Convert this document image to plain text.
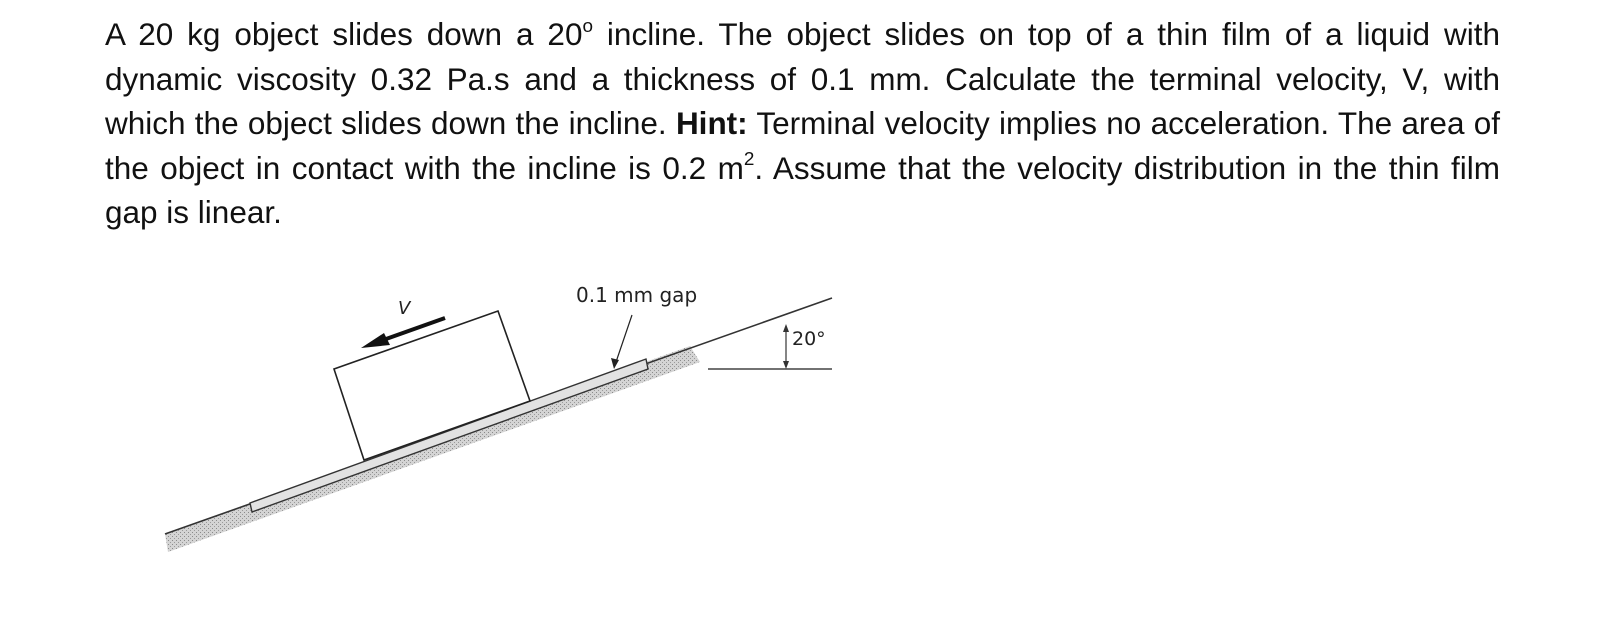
A 20 kg object slides down a 20$^o$ incline. The object slides on top of a thin film of a liquid with dynamic viscosity 0.32 Pa.s and a thickness of 0.1 mm. Calculate the terminal velocity, V, with which the object slides down the incline. Hint: Terminal velocity implies no acceleration. The area of the object in contact with the incline is 0.2 $m^2$. Assume that the velocity distribution in the thin film gap is linear.

20°
V
0.1 mm gap
